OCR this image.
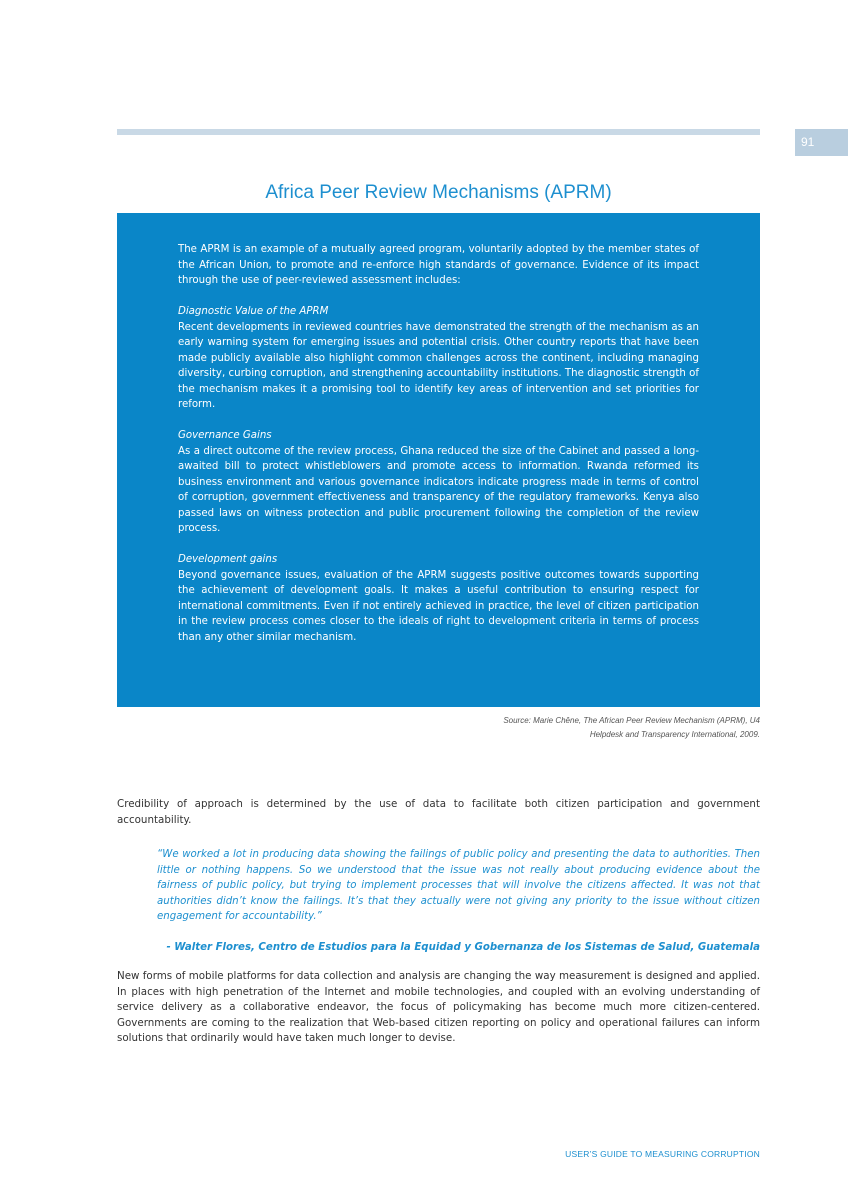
91
Africa Peer Review Mechanisms (APRM)

The APRM is an example of a mutually agreed program, voluntarily adopted by the member states of the African Union, to promote and re-enforce high standards of governance. Evidence of its impact through the use of peer-reviewed assessment includes:

Diagnostic Value of the APRM
Recent developments in reviewed countries have demonstrated the strength of the mechanism as an early warning system for emerging issues and potential crisis. Other country reports that have been made publicly available also highlight common challenges across the continent, including managing diversity, curbing corruption, and strengthening accountability institutions. The diagnostic strength of the mechanism makes it a promising tool to identify key areas of intervention and set priorities for reform.

Governance Gains
As a direct outcome of the review process, Ghana reduced the size of the Cabinet and passed a long-awaited bill to protect whistleblowers and promote access to information. Rwanda reformed its business environment and various governance indicators indicate progress made in terms of control of corruption, government effectiveness and transparency of the regulatory frameworks. Kenya also passed laws on witness protection and public procurement following the completion of the review process.

Development gains
Beyond governance issues, evaluation of the APRM suggests positive outcomes towards supporting the achievement of development goals. It makes a useful contribution to ensuring respect for international commitments. Even if not entirely achieved in practice, the level of citizen participation in the review process comes closer to the ideals of right to development criteria in terms of process than any other similar mechanism.

Source: Marie Chêne, The African Peer Review Mechanism (APRM), U4
Helpdesk and Transparency International, 2009.

Credibility of approach is determined by the use of data to facilitate both citizen participation and government accountability.

“We worked a lot in producing data showing the failings of public policy and presenting the data to authorities. Then little or nothing happens. So we understood that the issue was not really about producing evidence about the fairness of public policy, but trying to implement processes that will involve the citizens affected. It was not that authorities didn’t know the failings. It’s that they actually were not giving any priority to the issue without citizen engagement for accountability.”

- Walter Flores, Centro de Estudios para la Equidad y Gobernanza de los Sistemas de Salud, Guatemala

New forms of mobile platforms for data collection and analysis are changing the way measurement is designed and applied. In places with high penetration of the Internet and mobile technologies, and coupled with an evolving understanding of service delivery as a collaborative endeavor, the focus of policymaking has become much more citizen-centered. Governments are coming to the realization that Web-based citizen reporting on policy and operational failures can inform solutions that ordinarily would have taken much longer to devise.

USER’S GUIDE TO MEASURING CORRUPTION
